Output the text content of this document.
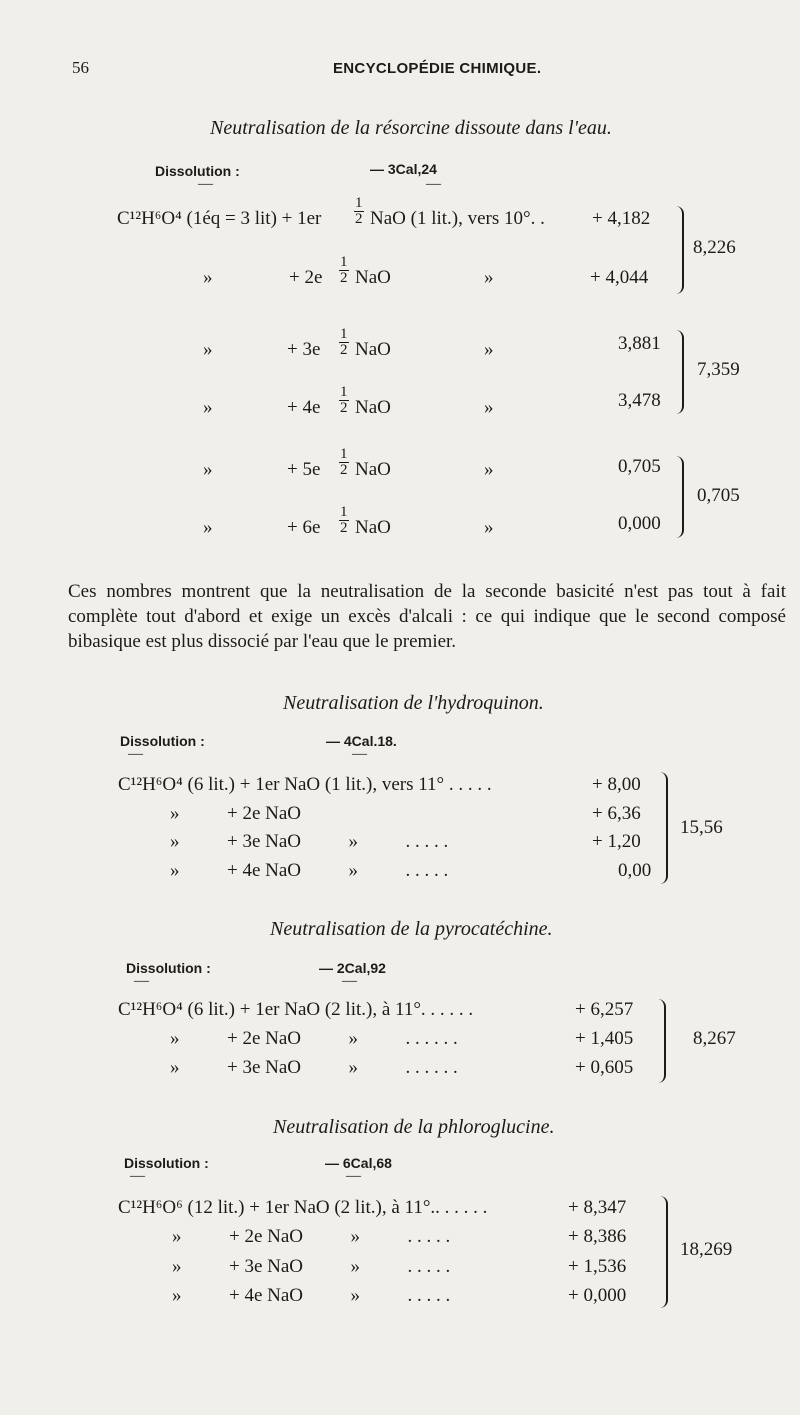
56	ENCYCLOPÉDIE CHIMIQUE.
Neutralisation de la résorcine dissoute dans l'eau.
Dissolution :	— 3Cal,24
—	—
C¹²H⁶O⁴ (1éq = 3 $lit) + 1er \frac{1}{2}$ NaO (1 lit.), vers 10°. . + 4,182
»	+ $2e \frac{1}{2}$ NaO	»	+ 4,044
8,226
»	+ $3e \frac{1}{2}$ NaO	»	3,881
»	+ $4e \frac{1}{2}$ NaO	»	3,478
7,359
»	+ $5e \frac{1}{2}$ NaO	»	0,705
»	+ $6e \frac{1}{2}$ NaO	»	0,000
0,705
Ces nombres montrent que la neutralisation de la seconde basicité n'est pas tout à fait complète tout d'abord et exige un excès d'alcali : ce qui indique que le second composé bibasique est plus dissocié par l'eau que le premier.
Neutralisation de l'hydroquinon.
Dissolution :	— 4Cal.18.
—	—
C¹²H⁶O⁴ (6 lit.) + 1er NaO (1 lit.), vers 11° . . . . .	+ 8,00
»          + 2e NaO	+ 6,36
»          + 3e NaO          »          . . . . .	+ 1,20
»          + 4e NaO          »          . . . . .	0,00
15,56
Neutralisation de la pyrocatéchine.
Dissolution :	— 2Cal,92
—	—
C¹²H⁶O⁴ (6 lit.) + 1er NaO (2 lit.), à 11°. . . . . .	+ 6,257
»          + 2e NaO          »          . . . . . .	+ 1,405
»          + 3e NaO          »          . . . . . .	+ 0,605
8,267
Neutralisation de la phloroglucine.
Dissolution :	— 6Cal,68
—	—
C¹²H⁶O⁶ (12 lit.) + 1er NaO (2 lit.), à 11°.. . . . . .	+ 8,347
»          + 2e NaO          »          . . . . .	+ 8,386
»          + 3e NaO          »          . . . . .	+ 1,536
»          + 4e NaO          »          . . . . .	+ 0,000
18,269
